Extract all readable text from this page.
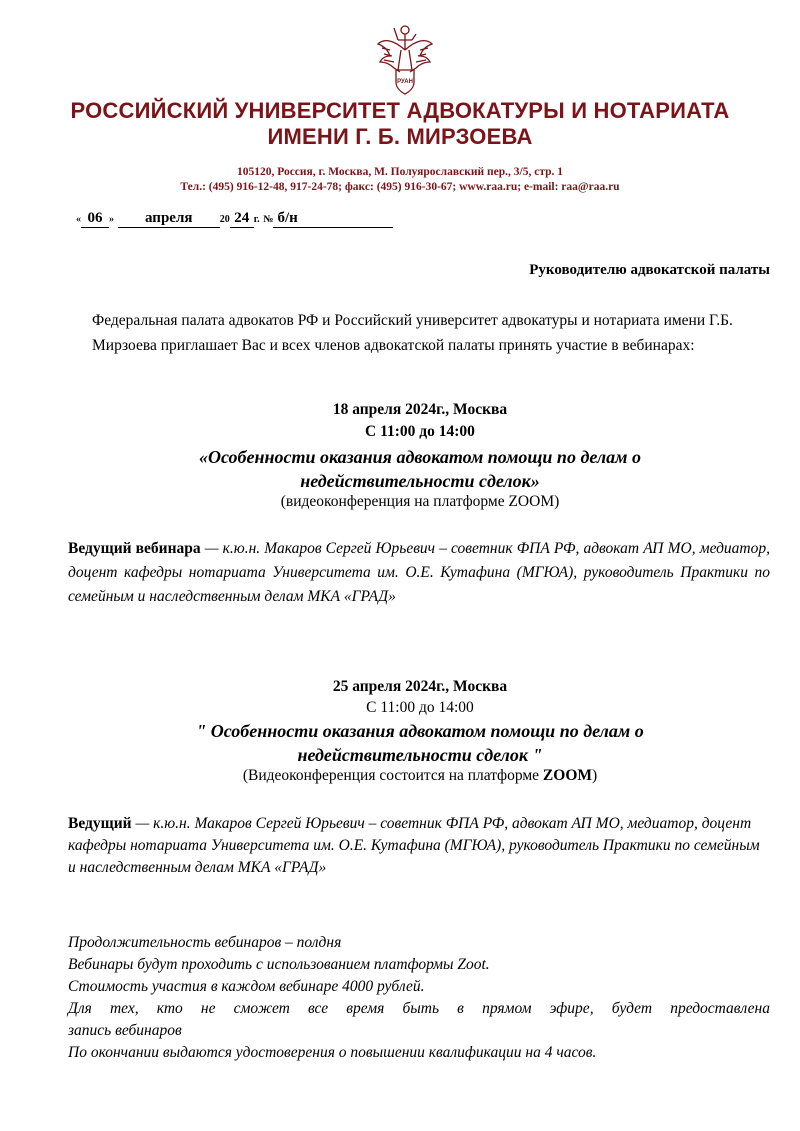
РУАН
РОССИЙСКИЙ УНИВЕРСИТЕТ АДВОКАТУРЫ И НОТАРИАТА
ИМЕНИ Г. Б. МИРЗОЕВА

105120, Россия, г. Москва, М. Полуярославский пер., 3/5, стр. 1

Тел.: (495) 916-12-48, 917-24-78; факс: (495) 916-30-67; www.raa.ru; e-mail: raa@raa.ru

« 06 » апреля	20 24 г. № б/н
Руководителю адвокатской палаты

Федеральная палата адвокатов РФ и Российский университет адвокатуры и нотариата имени Г.Б. Мирзоева приглашает Вас и всех членов адвокатской палаты принять участие в вебинарах:

18 апреля 2024г., Москва

С 11:00 до 14:00

«Особенности оказания адвокатом помощи по делам о
недействительности сделок»

(видеоконференция на платформе ZOOM)

Ведущий вебинара — к.ю.н. Макаров Сергей Юрьевич – советник ФПА РФ, адвокат АП МО, медиатор, доцент кафедры нотариата Университета им. О.Е. Кутафина (МГЮА), руководитель Практики по семейным и наследственным делам МКА «ГРАД»

25 апреля 2024г., Москва

С 11:00 до 14:00

" Особенности оказания адвокатом помощи по делам о
недействительности сделок "

(Видеоконференция состоится на платформе ZOOM)

Ведущий — к.ю.н. Макаров Сергей Юрьевич – советник ФПА РФ, адвокат АП МО, медиатор, доцент кафедры нотариата Университета им. О.Е. Кутафина (МГЮА), руководитель Практики по семейным и наследственным делам МКА «ГРАД»

Продолжительность вебинаров – полдня

Вебинары будут проходить с использованием платформы Zoot.

Стоимость участия в каждом вебинаре 4000 рублей.

Для тех, кто не сможет все время быть в прямом эфире, будет предоставлена

запись вебинаров

По окончании выдаются удостоверения о повышении квалификации на 4 часов.
